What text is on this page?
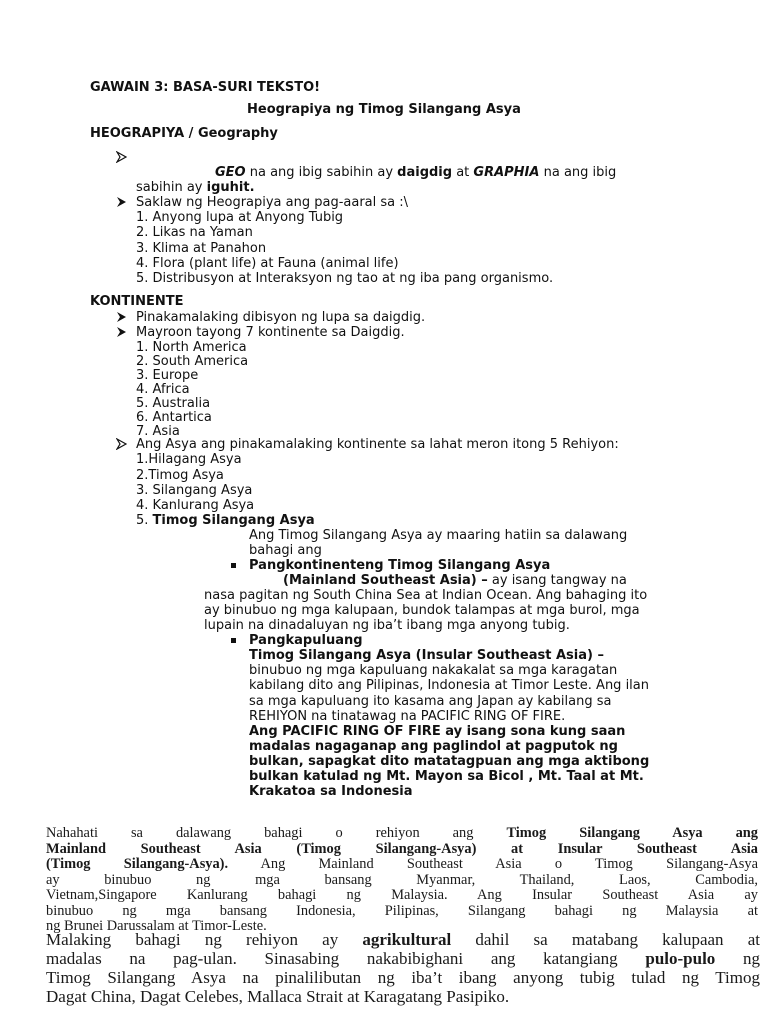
GAWAIN 3: BASA-SURI TEKSTO!
Heograpiya ng Timog Silangang Asya
HEOGRAPIYA / Geography
GEO na ang ibig sabihin ay daigdig at GRAPHIA na ang ibig
sabihin ay iguhit.
Saklaw ng Heograpiya ang pag-aaral sa :\
1. Anyong lupa at Anyong Tubig
2. Likas na Yaman
3. Klima at Panahon
4. Flora (plant life) at Fauna (animal life)
5. Distribusyon at Interaksyon ng tao at ng iba pang organismo.
KONTINENTE
Pinakamalaking dibisyon ng lupa sa daigdig.
Mayroon tayong 7 kontinente sa Daigdig.
1. North America
2. South America
3. Europe
4. Africa
5. Australia
6. Antartica
7. Asia
Ang Asya ang pinakamalaking kontinente sa lahat meron itong 5 Rehiyon:
1.Hilagang Asya
2.Timog Asya
3. Silangang Asya
4. Kanlurang Asya
5. Timog Silangang Asya
Ang Timog Silangang Asya ay maaring hatiin sa dalawang
bahagi ang
Pangkontinenteng Timog Silangang Asya
(Mainland Southeast Asia) – ay isang tangway na
nasa pagitan ng South China Sea at Indian Ocean. Ang bahaging ito
ay binubuo ng mga kalupaan, bundok talampas at mga burol, mga
lupain na dinadaluyan ng iba’t ibang mga anyong tubig.
Pangkapuluang
Timog Silangang Asya (Insular Southeast Asia) –
binubuo ng mga kapuluang nakakalat sa mga karagatan
kabilang dito ang Pilipinas, Indonesia at Timor Leste. Ang ilan
sa mga kapuluang ito kasama ang Japan ay kabilang sa
REHIYON na tinatawag na PACIFIC RING OF FIRE.
Ang PACIFIC RING OF FIRE ay isang sona kung saan
madalas nagaganap ang paglindol at pagputok ng
bulkan, sapagkat dito matatagpuan ang mga aktibong
bulkan katulad ng Mt. Mayon sa Bicol , Mt. Taal at Mt.
Krakatoa sa Indonesia
Nahahati sa dalawang bahagi o rehiyon ang Timog Silangang Asya ang
Mainland Southeast Asia (Timog Silangang-Asya) at Insular Southeast Asia
(Timog Silangang-Asya). Ang Mainland Southeast Asia o Timog Silangang-Asya
ay binubuo ng mga bansang Myanmar, Thailand, Laos, Cambodia,
Vietnam,Singapore Kanlurang bahagi ng Malaysia. Ang Insular Southeast Asia ay
binubuo ng mga bansang Indonesia, Pilipinas, Silangang bahagi ng Malaysia at
ng Brunei Darussalam at Timor-Leste.
Malaking bahagi ng rehiyon ay agrikultural dahil sa matabang kalupaan at
madalas na pag-ulan. Sinasabing nakabibighani ang katangiang pulo-pulo ng
Timog Silangang Asya na pinalilibutan ng iba’t ibang anyong tubig tulad ng Timog
Dagat China, Dagat Celebes, Mallaca Strait at Karagatang Pasipiko.
